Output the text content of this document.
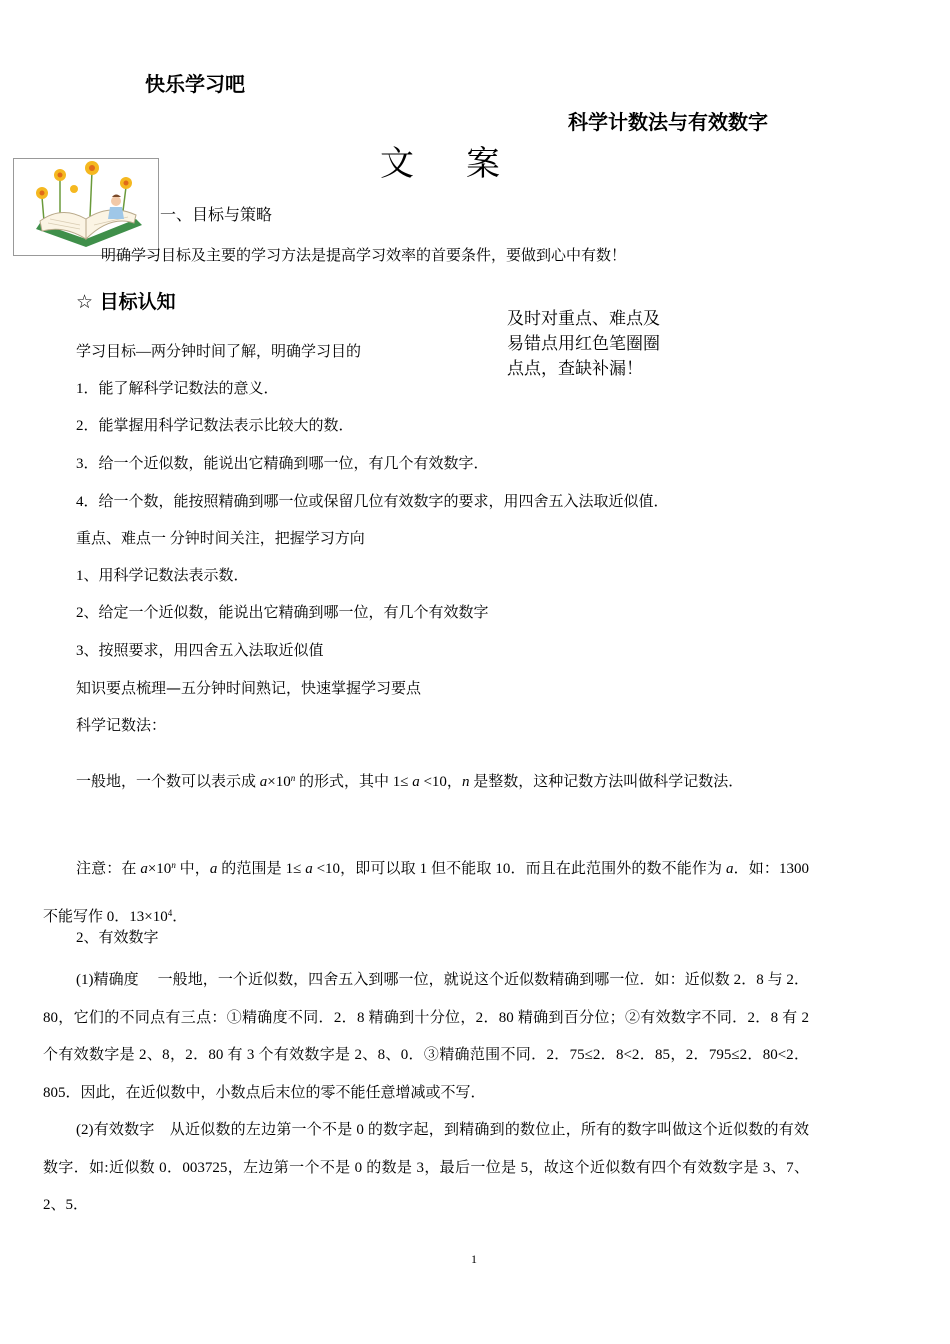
快乐学习吧
科学计数法与有效数字
文案
一、目标与策略
明确学习目标及主要的学习方法是提高学习效率的首要条件，要做到心中有数！
☆ 目标认知
及时对重点、难点及易错点用红色笔圈圈点点，查缺补漏！
学习目标—两分钟时间了解，明确学习目的
1．能了解科学记数法的意义．
2．能掌握用科学记数法表示比较大的数．
3．给一个近似数，能说出它精确到哪一位，有几个有效数字．
4．给一个数，能按照精确到哪一位或保留几位有效数字的要求，用四舍五入法取近似值．
重点、难点一 分钟时间关注，把握学习方向
1、用科学记数法表示数．
2、给定一个近似数，能说出它精确到哪一位，有几个有效数字
3、按照要求，用四舍五入法取近似值
知识要点梳理—五分钟时间熟记，快速掌握学习要点
科学记数法：
一般地，一个数可以表示成 $a\times 10^n$ 的形式，其中 1≤ a <10，n 是整数，这种记数方法叫做科学记数法．
注意：在 $a\times 10^n$ 中，a 的范围是 1≤ a <10，即可以取 1 但不能取 10．而且在此范围外的数不能作为 a．如：1300 不能写作 0．$13\times 10^4$．
2、有效数字
(1)精确度　 一般地，一个近似数，四舍五入到哪一位，就说这个近似数精确到哪一位．如：近似数 2．8 与 2．80，它们的不同点有三点：①精确度不同．2．8 精确到十分位，2．80 精确到百分位；②有效数字不同．2．8 有 2 个有效数字是 2、8，2．80 有 3 个有效数字是 2、8、0．③精确范围不同．2．75≤2．8<2．85，2．795≤2．80<2．805．因此，在近似数中，小数点后末位的零不能任意增减或不写．
(2)有效数字　从近似数的左边第一个不是 0 的数字起，到精确到的数位止，所有的数字叫做这个近似数的有效数字．如:近似数 0．003725，左边第一个不是 0 的数是 3，最后一位是 5，故这个近似数有四个有效数字是 3、7、2、5．
1
